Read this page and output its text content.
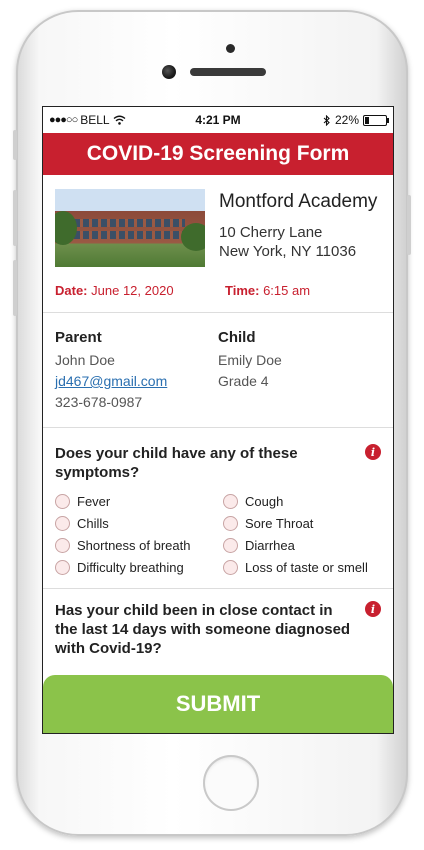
●●●○○ BELL	4:21 PM	22%
COVID-19 Screening Form
Montford Academy
10 Cherry Lane
New York, NY 11036
Date: June 12, 2020	Time: 6:15 am
Parent
John Doe
jd467@gmail.com
323-678-0987
Child
Emily Doe
Grade 4
Does your child have any of these symptoms?
i
Fever	Cough
Chills	Sore Throat
Shortness of breath	Diarrhea
Difficulty breathing	Loss of taste or smell
Has your child been in close contact in the last 14 days with someone diagnosed with Covid-19?
i
SUBMIT
